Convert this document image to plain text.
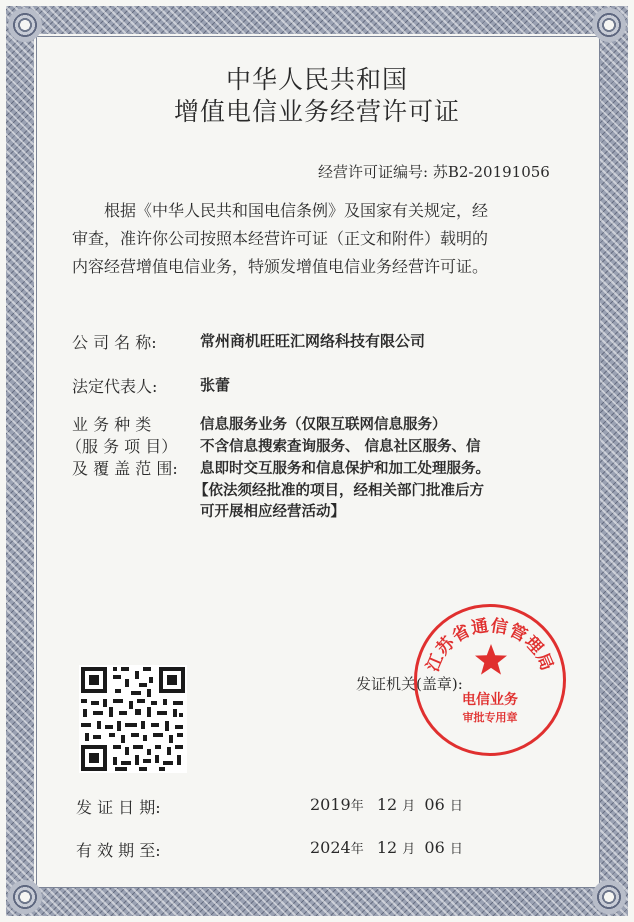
中华人民共和国
增值电信业务经营许可证
经营许可证编号: 苏B2-20191056
根据《中华人民共和国电信条例》及国家有关规定，经
审查，准许你公司按照本经营许可证（正文和附件）载明的
内容经营增值电信业务，特颁发增值电信业务经营许可证。
公 司 名 称:	常州商机旺旺汇网络科技有限公司
法定代表人:	张蕾
业 务 种 类
（服 务 项 目）
及 覆 盖 范 围:
信息服务业务（仅限互联网信息服务）
不含信息搜索查询服务、 信息社区服务、信
息即时交互服务和信息保护和加工处理服务。
【依法须经批准的项目，经相关部门批准后方
可开展相应经营活动】
发证机关(盖章):
江苏省通信管理局
电信业务
审批专用章
发 证 日 期:	2019年 12 月 06 日
有 效 期 至:	2024年 12 月 06 日
